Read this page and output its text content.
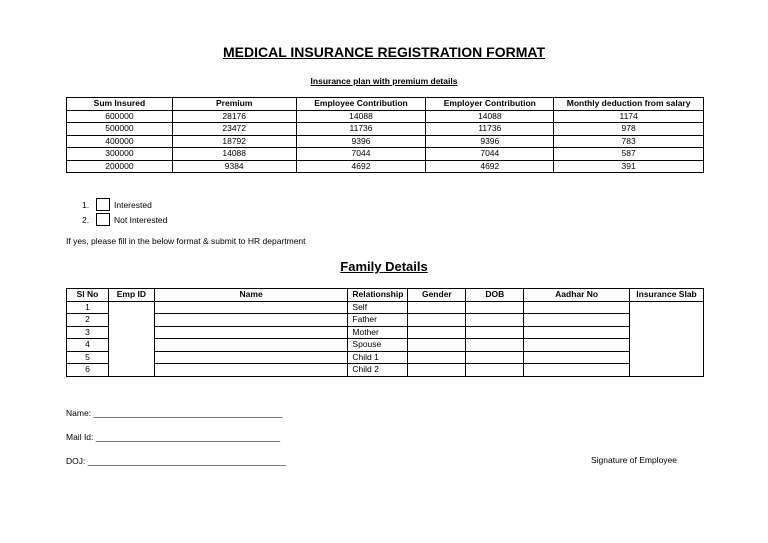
MEDICAL INSURANCE REGISTRATION FORMAT
Insurance plan with premium details
Sum Insured	Premium	Employee Contribution	Employer Contribution	Monthly deduction from salary
600000	28176	14088	14088	1174
500000	23472	11736	11736	978
400000	18792	9396	9396	783
300000	14088	7044	7044	587
200000	9384	4692	4692	391
1.	Interested
2.	Not Interested
If yes, please fill in the below format & submit to HR department
Family Details
Sl No	Emp ID	Name	Relationship	Gender	DOB	Aadhar No	Insurance Slab
1			Self				
2			Father				
3			Mother				
4			Spouse				
5			Child 1				
6			Child 2				
Name: ________________________________________
Mail Id: _______________________________________
DOJ: __________________________________________	Signature of Employee
